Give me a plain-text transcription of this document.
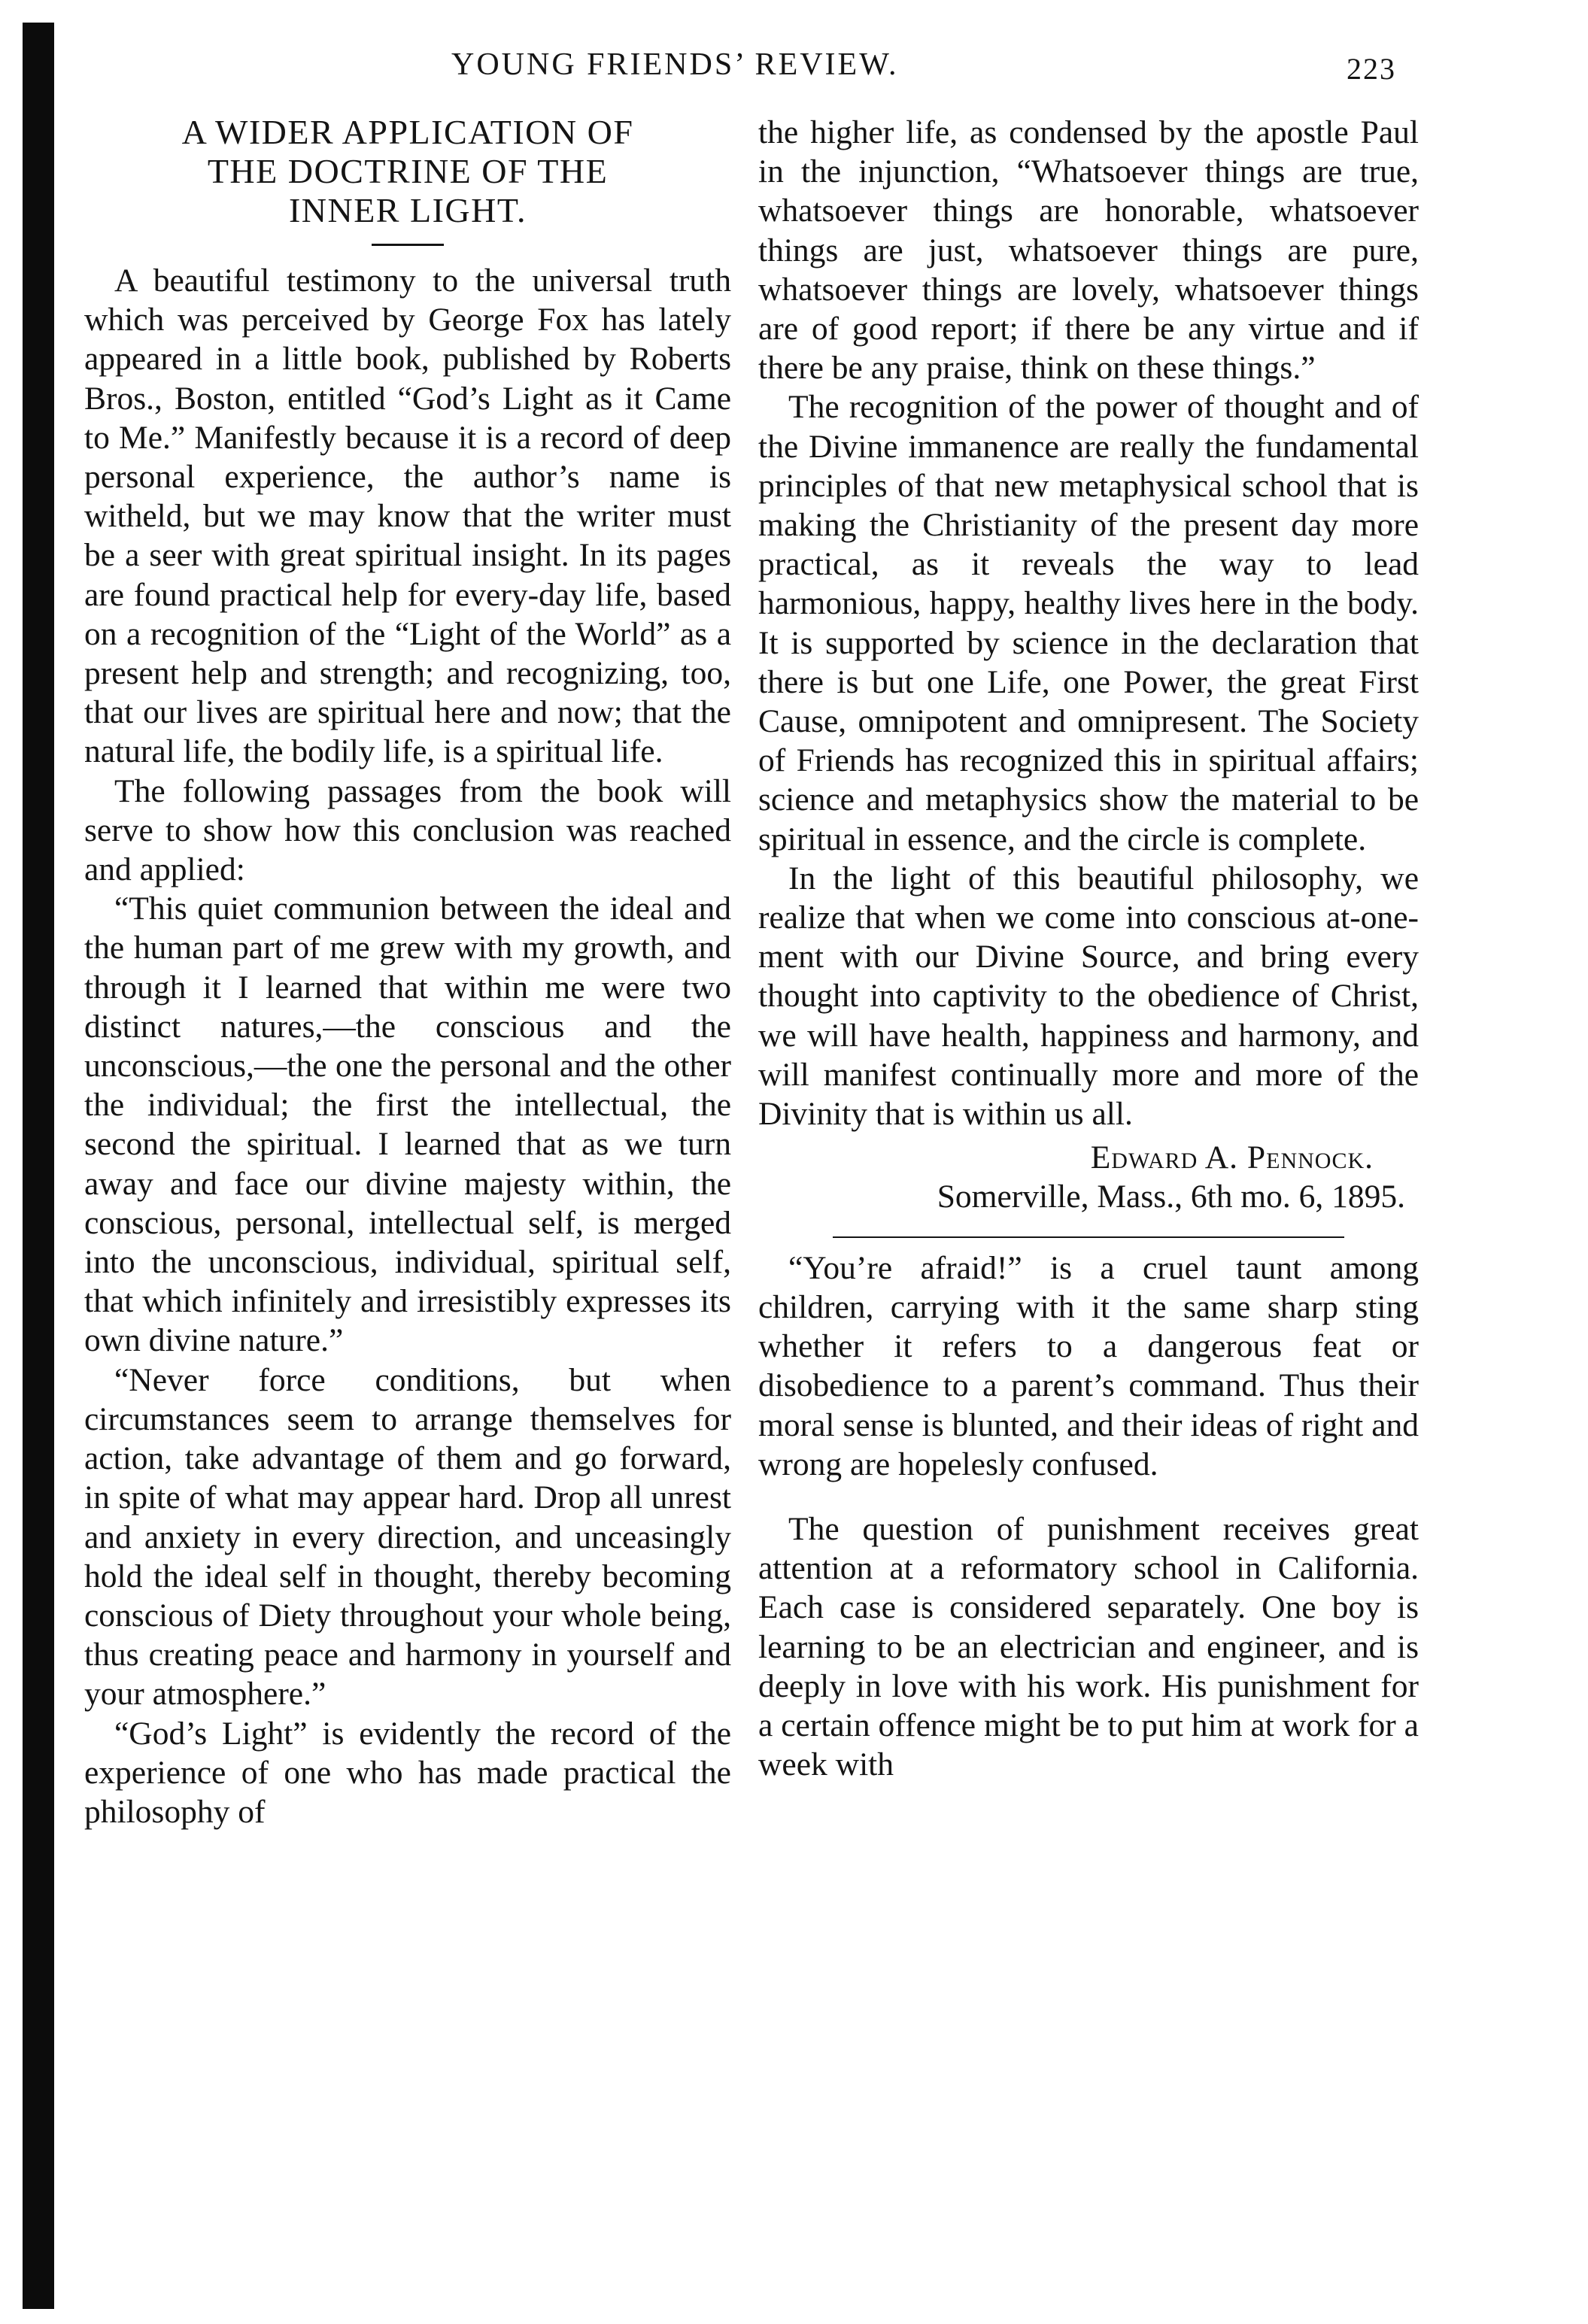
YOUNG FRIENDS’ REVIEW.	223
A WIDER APPLICATION OF
THE DOCTRINE OF THE
INNER LIGHT.

A beautiful testimony to the universal truth which was perceived by George Fox has lately appeared in a little book, published by Roberts Bros., Boston, entitled “God’s Light as it Came to Me.” Manifestly because it is a record of deep personal experience, the author’s name is witheld, but we may know that the writer must be a seer with great spiritual insight. In its pages are found practical help for every-day life, based on a recognition of the “Light of the World” as a present help and strength; and recognizing, too, that our lives are spiritual here and now; that the natural life, the bodily life, is a spiritual life.

The following passages from the book will serve to show how this conclusion was reached and applied:

“This quiet communion between the ideal and the human part of me grew with my growth, and through it I learned that within me were two distinct natures,—the conscious and the unconscious,—the one the personal and the other the individual; the first the intellectual, the second the spiritual. I learned that as we turn away and face our divine majesty within, the conscious, personal, intellectual self, is merged into the unconscious, individual, spiritual self, that which infinitely and irresistibly expresses its own divine nature.”

“Never force conditions, but when circumstances seem to arrange themselves for action, take advantage of them and go forward, in spite of what may appear hard. Drop all unrest and anxiety in every direction, and unceasingly hold the ideal self in thought, thereby becoming conscious of Diety throughout your whole being, thus creating peace and harmony in yourself and your atmosphere.”

“God’s Light” is evidently the record of the experience of one who has made practical the philosophy of

the higher life, as condensed by the apostle Paul in the injunction, “Whatsoever things are true, whatsoever things are honorable, whatsoever things are just, whatsoever things are pure, whatsoever things are lovely, whatsoever things are of good report; if there be any virtue and if there be any praise, think on these things.”

The recognition of the power of thought and of the Divine immanence are really the fundamental principles of that new metaphysical school that is making the Christianity of the present day more practical, as it reveals the way to lead harmonious, happy, healthy lives here in the body. It is supported by science in the declaration that there is but one Life, one Power, the great First Cause, omnipotent and omnipresent. The Society of Friends has recognized this in spiritual affairs; science and metaphysics show the material to be spiritual in essence, and the circle is complete.

In the light of this beautiful philosophy, we realize that when we come into conscious at-one-ment with our Divine Source, and bring every thought into captivity to the obedience of Christ, we will have health, happiness and harmony, and will manifest continually more and more of the Divinity that is within us all.

Edward A. Pennock.

Somerville, Mass., 6th mo. 6, 1895.

“You’re afraid!” is a cruel taunt among children, carrying with it the same sharp sting whether it refers to a dangerous feat or disobedience to a parent’s command. Thus their moral sense is blunted, and their ideas of right and wrong are hopelesly confused.

The question of punishment receives great attention at a reformatory school in California. Each case is considered separately. One boy is learning to be an electrician and engineer, and is deeply in love with his work. His punishment for a certain offence might be to put him at work for a week with
